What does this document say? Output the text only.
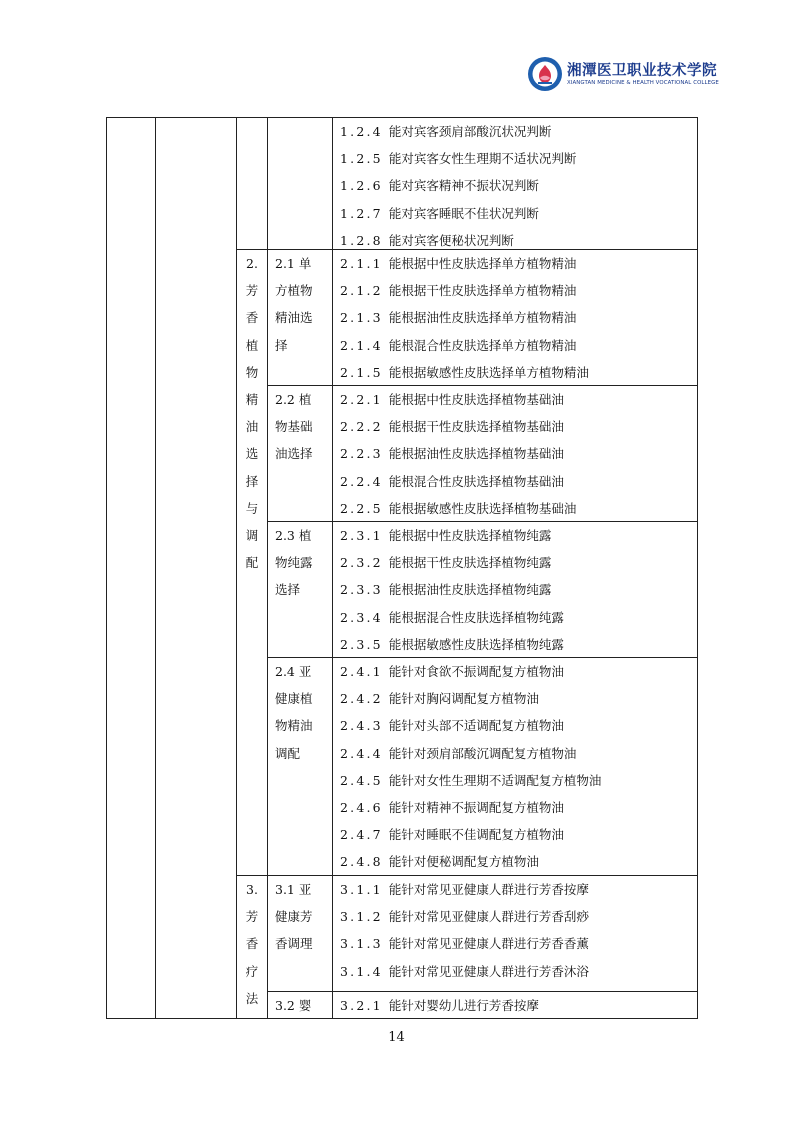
湘潭医卫职业技术学院
XIANGTAN MEDICINE & HEALTH VOCATIONAL COLLEGE
2.
芳
香
植
物
精
油
选
择
与
调
配
3.
芳
香
疗
法
2.1 单
方植物
精油选
择
2.2 植
物基础
油选择
2.3 植
物纯露
选择
2.4 亚
健康植
物精油
调配
3.1 亚
健康芳
香调理
3.2 婴
1.2.4 能对宾客颈肩部酸沉状况判断
1.2.5 能对宾客女性生理期不适状况判断
1.2.6 能对宾客精神不振状况判断
1.2.7 能对宾客睡眠不佳状况判断
1.2.8 能对宾客便秘状况判断
2.1.1 能根据中性皮肤选择单方植物精油
2.1.2 能根据干性皮肤选择单方植物精油
2.1.3 能根据油性皮肤选择单方植物精油
2.1.4 能根混合性皮肤选择单方植物精油
2.1.5 能根据敏感性皮肤选择单方植物精油
2.2.1 能根据中性皮肤选择植物基础油
2.2.2 能根据干性皮肤选择植物基础油
2.2.3 能根据油性皮肤选择植物基础油
2.2.4 能根混合性皮肤选择植物基础油
2.2.5 能根据敏感性皮肤选择植物基础油
2.3.1 能根据中性皮肤选择植物纯露
2.3.2 能根据干性皮肤选择植物纯露
2.3.3 能根据油性皮肤选择植物纯露
2.3.4 能根据混合性皮肤选择植物纯露
2.3.5 能根据敏感性皮肤选择植物纯露
2.4.1 能针对食欲不振调配复方植物油
2.4.2 能针对胸闷调配复方植物油
2.4.3 能针对头部不适调配复方植物油
2.4.4 能针对颈肩部酸沉调配复方植物油
2.4.5 能针对女性生理期不适调配复方植物油
2.4.6 能针对精神不振调配复方植物油
2.4.7 能针对睡眠不佳调配复方植物油
2.4.8 能针对便秘调配复方植物油
3.1.1 能针对常见亚健康人群进行芳香按摩
3.1.2 能针对常见亚健康人群进行芳香刮痧
3.1.3 能针对常见亚健康人群进行芳香香薰
3.1.4 能针对常见亚健康人群进行芳香沐浴
3.2.1 能针对婴幼儿进行芳香按摩
14
